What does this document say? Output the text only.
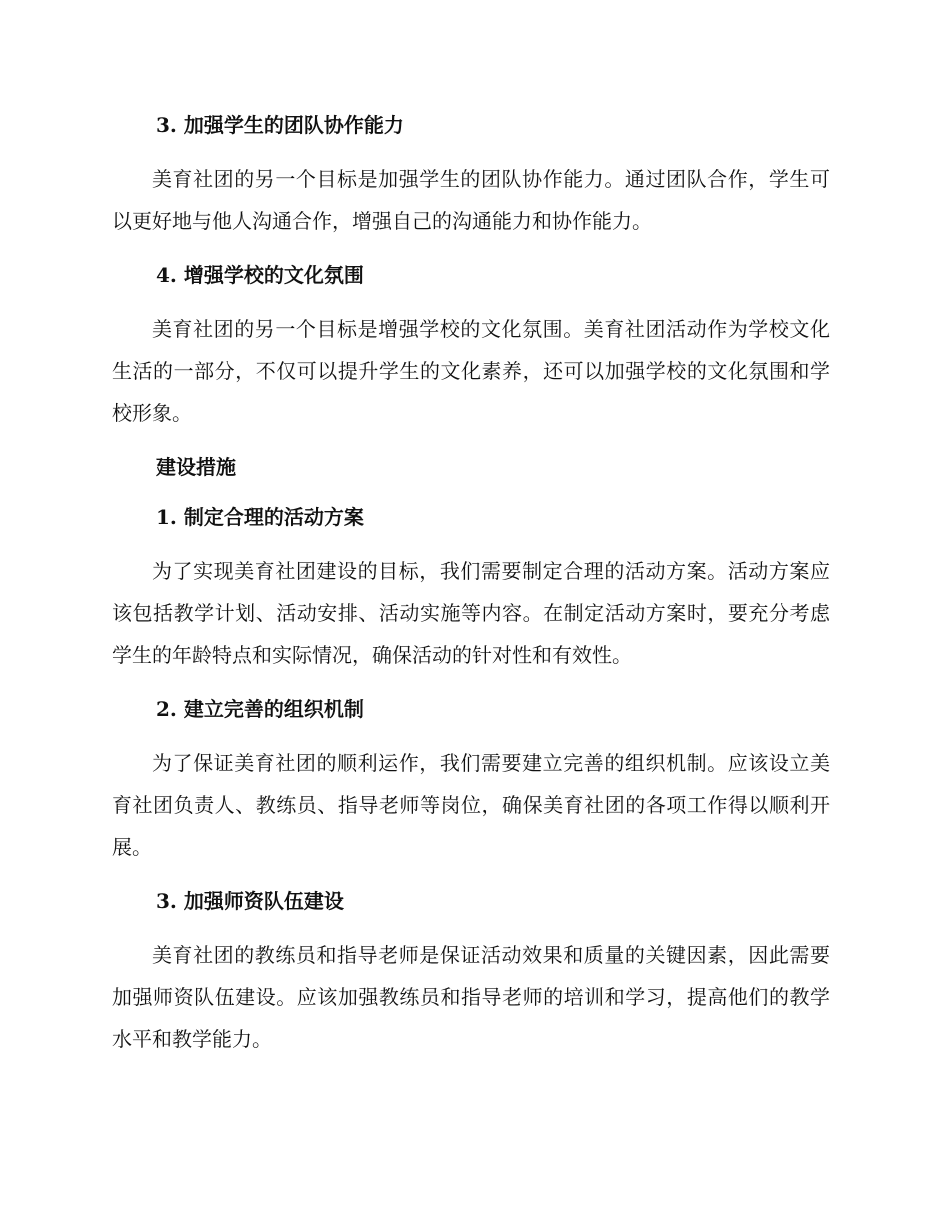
3. 加强学生的团队协作能力

美育社团的另一个目标是加强学生的团队协作能力。通过团队合作，学生可以更好地与他人沟通合作，增强自己的沟通能力和协作能力。

4. 增强学校的文化氛围

美育社团的另一个目标是增强学校的文化氛围。美育社团活动作为学校文化生活的一部分，不仅可以提升学生的文化素养，还可以加强学校的文化氛围和学校形象。

建设措施
1. 制定合理的活动方案

为了实现美育社团建设的目标，我们需要制定合理的活动方案。活动方案应该包括教学计划、活动安排、活动实施等内容。在制定活动方案时，要充分考虑学生的年龄特点和实际情况，确保活动的针对性和有效性。

2. 建立完善的组织机制

为了保证美育社团的顺利运作，我们需要建立完善的组织机制。应该设立美育社团负责人、教练员、指导老师等岗位，确保美育社团的各项工作得以顺利开展。

3. 加强师资队伍建设

美育社团的教练员和指导老师是保证活动效果和质量的关键因素，因此需要加强师资队伍建设。应该加强教练员和指导老师的培训和学习，提高他们的教学水平和教学能力。
